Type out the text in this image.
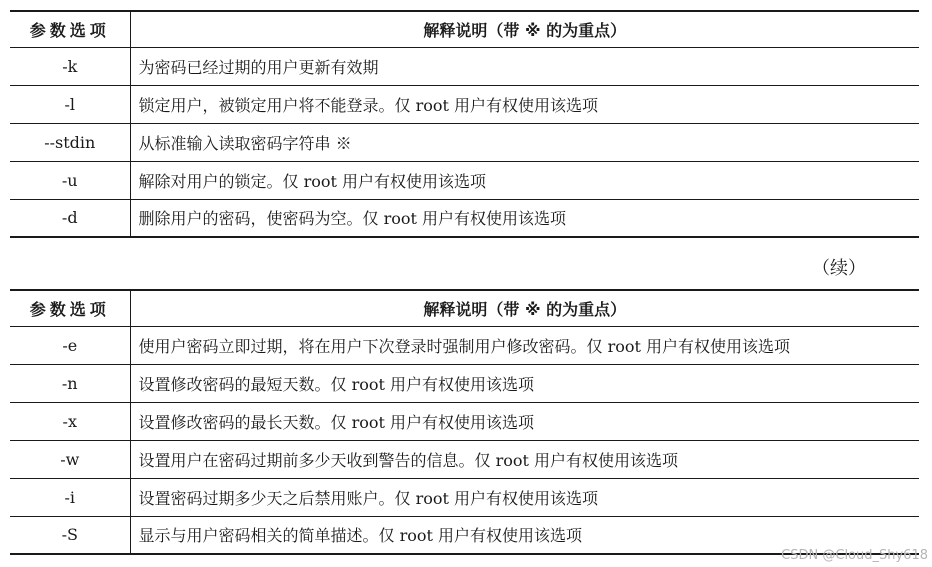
参数选项	解释说明（带 ※ 的为重点）
-k	为密码已经过期的用户更新有效期
-l	锁定用户，被锁定用户将不能登录。仅 root 用户有权使用该选项
--stdin	从标准输入读取密码字符串 ※
-u	解除对用户的锁定。仅 root 用户有权使用该选项
-d	删除用户的密码，使密码为空。仅 root 用户有权使用该选项

（续）

参数选项	解释说明（带 ※ 的为重点）
-e	使用户密码立即过期，将在用户下次登录时强制用户修改密码。仅 root 用户有权使用该选项
-n	设置修改密码的最短天数。仅 root 用户有权使用该选项
-x	设置修改密码的最长天数。仅 root 用户有权使用该选项
-w	设置用户在密码过期前多少天收到警告的信息。仅 root 用户有权使用该选项
-i	设置密码过期多少天之后禁用账户。仅 root 用户有权使用该选项
-S	显示与用户密码相关的简单描述。仅 root 用户有权使用该选项

CSDN @Cloud_Shy618
